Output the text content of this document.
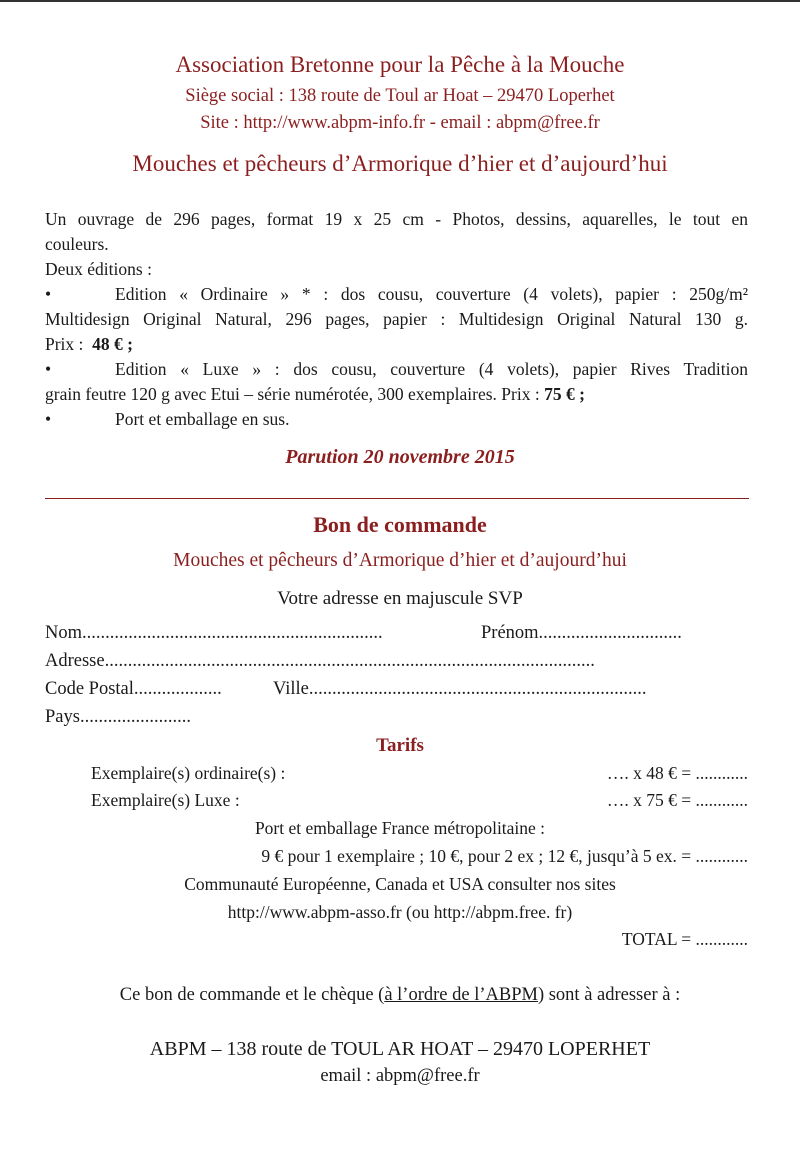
Association Bretonne pour la Pêche à la Mouche
Siège social : 138 route de Toul ar Hoat – 29470 Loperhet
Site : http://www.abpm-info.fr - email : abpm@free.fr
Mouches et pêcheurs d’Armorique d’hier et d’aujourd’hui
Un ouvrage de 296 pages, format 19 x 25 cm - Photos, dessins, aquarelles, le tout en
couleurs.
Deux éditions :
•	Edition « Ordinaire » * : dos cousu, couverture (4 volets), papier : 250g/m²
Multidesign Original Natural, 296 pages, papier : Multidesign Original Natural 130 g.
Prix : 48 € ;
•	Edition « Luxe » : dos cousu, couverture (4 volets), papier Rives Tradition
grain feutre 120 g avec Etui – série numérotée, 300 exemplaires. Prix : 75 € ;
•	Port et emballage en sus.
Parution 20 novembre 2015
Bon de commande
Mouches et pêcheurs d’Armorique d’hier et d’aujourd’hui
Votre adresse en majuscule SVP
Nom.................................................................	Prénom...............................
Adresse..........................................................................................................
Code Postal...................	Ville.........................................................................
Pays........................
Tarifs
Exemplaire(s) ordinaire(s) :	…. x 48 € = ............
Exemplaire(s) Luxe :	…. x 75 € = ............
Port et emballage France métropolitaine :
9 € pour 1 exemplaire ; 10 €, pour 2 ex ; 12 €, jusqu’à 5 ex. = ............
Communauté Européenne, Canada et USA consulter nos sites
http://www.abpm-asso.fr (ou http://abpm.free. fr)
TOTAL = ............
Ce bon de commande et le chèque (à l’ordre de l’ABPM) sont à adresser à :
ABPM – 138 route de TOUL AR HOAT – 29470 LOPERHET
email : abpm@free.fr
